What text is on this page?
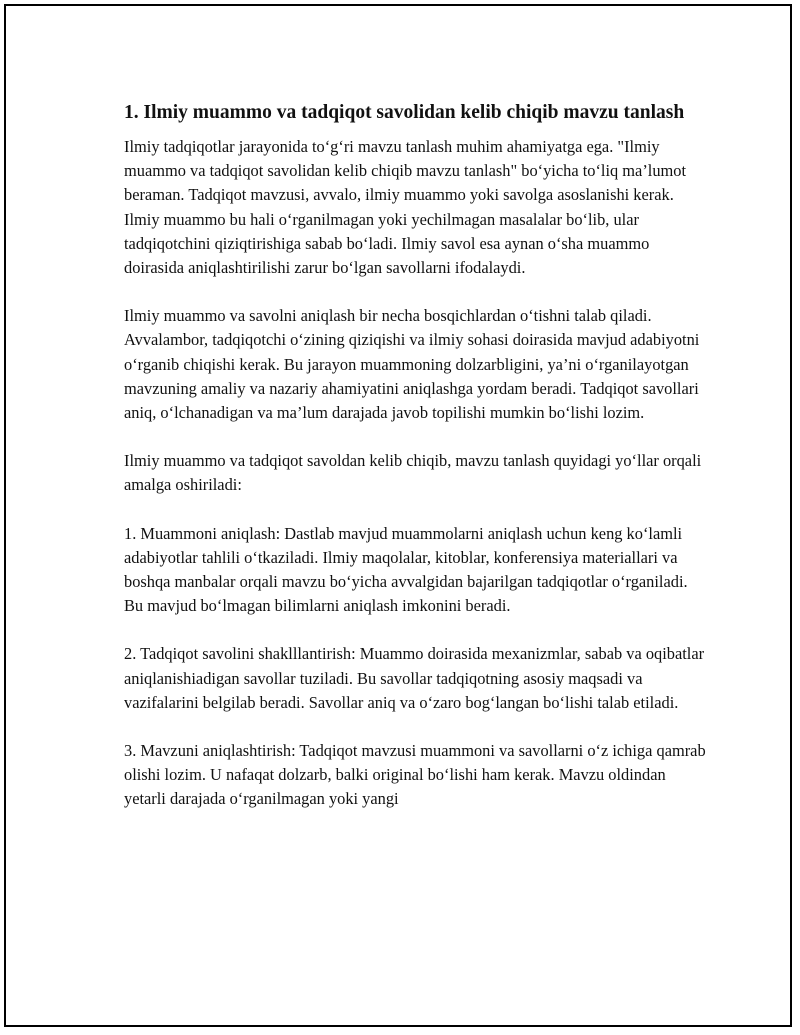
1. Ilmiy muammo va tadqiqot savolidan kelib chiqib mavzu tanlash

Ilmiy tadqiqotlar jarayonida to‘g‘ri mavzu tanlash muhim ahamiyatga ega. "Ilmiy muammo va tadqiqot savolidan kelib chiqib mavzu tanlash" bo‘yicha to‘liq ma’lumot beraman. Tadqiqot mavzusi, avvalo, ilmiy muammo yoki savolga asoslanishi kerak. Ilmiy muammo bu hali o‘rganilmagan yoki yechilmagan masalalar bo‘lib, ular tadqiqotchini qiziqtirishiga sabab bo‘ladi. Ilmiy savol esa aynan o‘sha muammo doirasida aniqlashtirilishi zarur bo‘lgan savollarni ifodalaydi.

Ilmiy muammo va savolni aniqlash bir necha bosqichlardan o‘tishni talab qiladi. Avvalambor, tadqiqotchi o‘zining qiziqishi va ilmiy sohasi doirasida mavjud adabiyotni o‘rganib chiqishi kerak. Bu jarayon muammoning dolzarbligini, ya’ni o‘rganilayotgan mavzuning amaliy va nazariy ahamiyatini aniqlashga yordam beradi. Tadqiqot savollari aniq, o‘lchanadigan va ma’lum darajada javob topilishi mumkin bo‘lishi lozim.

Ilmiy muammo va tadqiqot savoldan kelib chiqib, mavzu tanlash quyidagi yo‘llar orqali amalga oshiriladi:

1. Muammoni aniqlash: Dastlab mavjud muammolarni aniqlash uchun keng ko‘lamli adabiyotlar tahlili o‘tkaziladi. Ilmiy maqolalar, kitoblar, konferensiya materiallari va boshqa manbalar orqali mavzu bo‘yicha avvalgidan bajarilgan tadqiqotlar o‘rganiladi. Bu mavjud bo‘lmagan bilimlarni aniqlash imkonini beradi.

2. Tadqiqot savolini shaklllantirish: Muammo doirasida mexanizmlar, sabab va oqibatlar aniqlanishiadigan savollar tuziladi. Bu savollar tadqiqotning asosiy maqsadi va vazifalarini belgilab beradi. Savollar aniq va o‘zaro bog‘langan bo‘lishi talab etiladi.

3. Mavzuni aniqlashtirish: Tadqiqot mavzusi muammoni va savollarni o‘z ichiga qamrab olishi lozim. U nafaqat dolzarb, balki original bo‘lishi ham kerak. Mavzu oldindan yetarli darajada o‘rganilmagan yoki yangi
